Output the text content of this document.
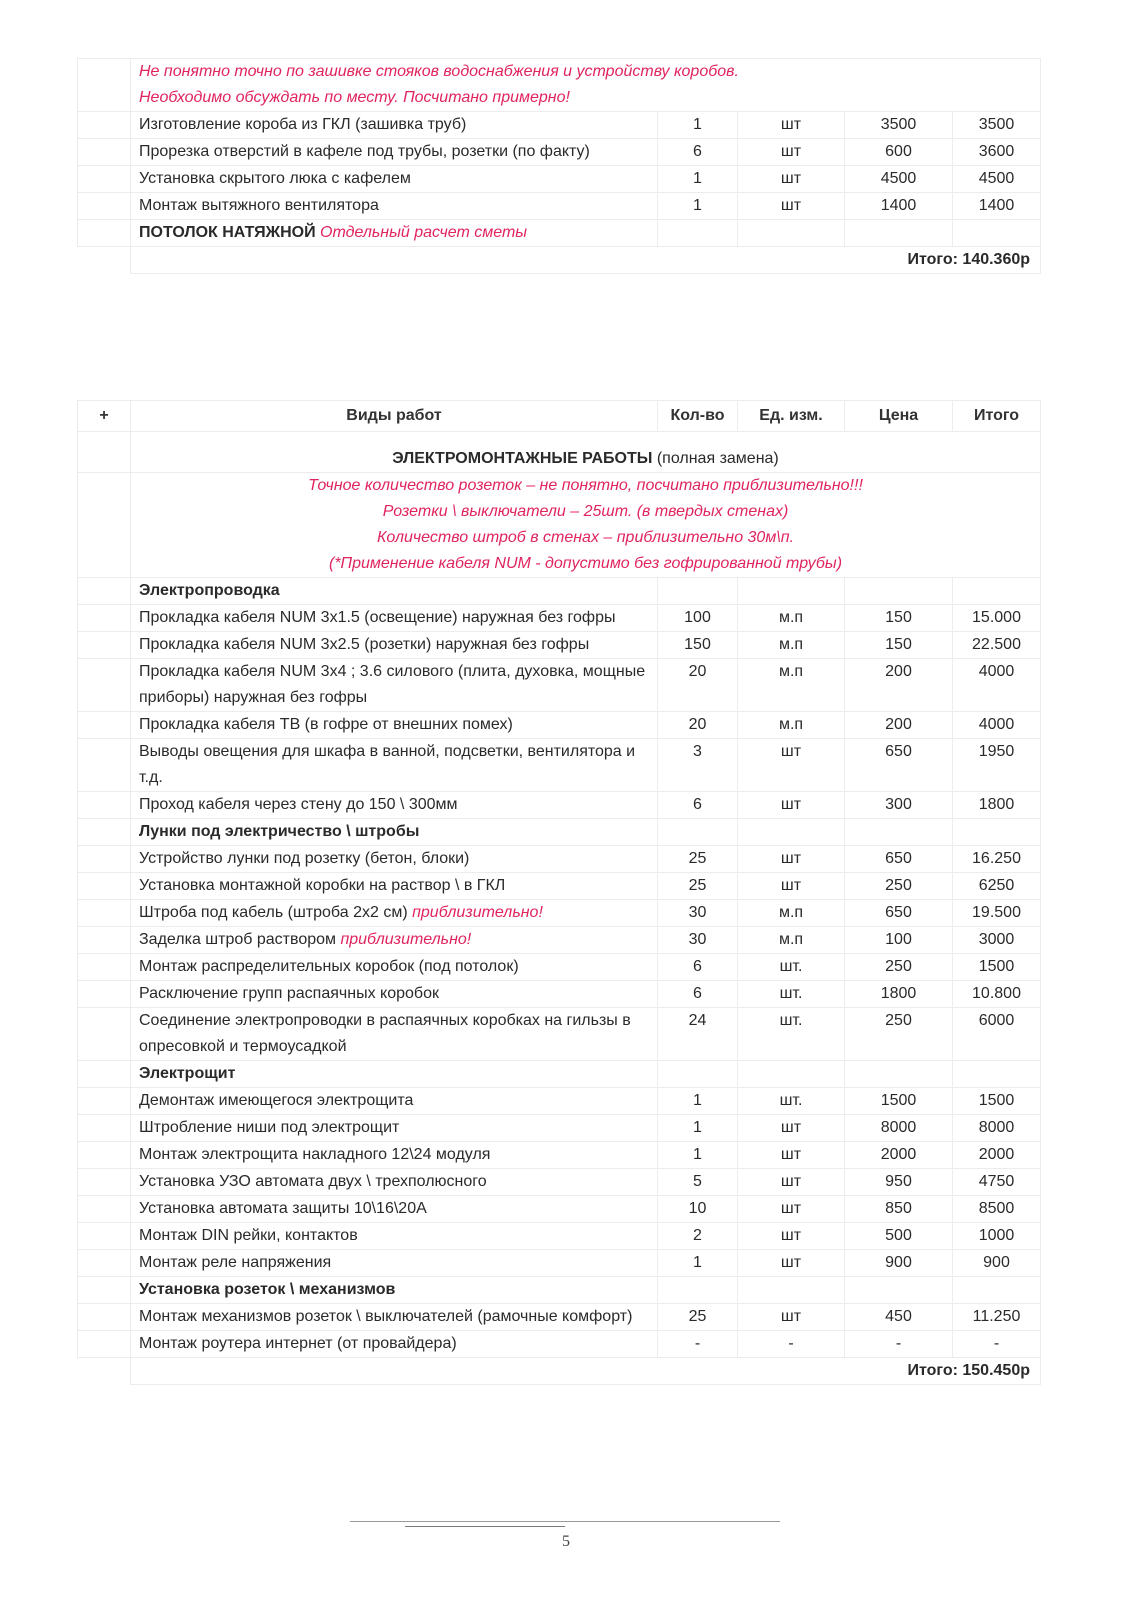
	Не понятно точно по зашивке стояков водоснабжения и устройству коробов.
Необходимо обсуждать по месту. Посчитано примерно!				

	Изготовление короба из ГКЛ (зашивка труб)	1	шт	3500	3500
	Прорезка отверстий в кафеле под трубы, розетки (по факту)	6	шт	600	3600
	Установка скрытого люка с кафелем	1	шт	4500	4500
	Монтаж вытяжного вентилятора	1	шт	1400	1400
	ПОТОЛОК НАТЯЖНОЙ Отдельный расчет сметы				
	Итого: 140.360р				
+	Виды работ	Кол-во	Ед. изм.	Цена	Итого
	ЭЛЕКТРОМОНТАЖНЫЕ РАБОТЫ (полная замена)				

	Точное количество розеток – не понятно, посчитано приблизительно!!!
Розетки \ выключатели – 25шт. (в твердых стенах)
Количество штроб в стенах – приблизительно 30м\п.
(*Применение кабеля NUM - допустимо без гофрированной трубы)				

	Электропроводка				
	Прокладка кабеля NUM 3х1.5 (освещение) наружная без гофры	100	м.п	150	15.000
	Прокладка кабеля NUM 3х2.5 (розетки) наружная без гофры	150	м.п	150	22.500
	Прокладка кабеля NUM 3х4 ; 3.6 силового (плита, духовка, мощные приборы) наружная без гофры	20	м.п	200	4000
	Прокладка кабеля ТВ (в гофре от внешних помех)	20	м.п	200	4000
	Выводы овещения для шкафа в ванной, подсветки, вентилятора и т.д.	3	шт	650	1950
	Проход кабеля через стену до 150 \ 300мм	6	шт	300	1800
	Лунки под электричество \ штробы				
	Устройство лунки под розетку (бетон, блоки)	25	шт	650	16.250
	Установка монтажной коробки на раствор \ в ГКЛ	25	шт	250	6250
	Штроба под кабель (штроба 2х2 см) приблизительно!	30	м.п	650	19.500
	Заделка штроб раствором приблизительно!	30	м.п	100	3000
	Монтаж распределительных коробок (под потолок)	6	шт.	250	1500
	Расключение групп распаячных коробок	6	шт.	1800	10.800
	Соединение электропроводки в распаячных коробках на гильзы в опресовкой и термоусадкой	24	шт.	250	6000
	Электрощит				
	Демонтаж имеющегося электрощита	1	шт.	1500	1500
	Штробление ниши под электрощит	1	шт	8000	8000
	Монтаж электрощита накладного 12\24 модуля	1	шт	2000	2000
	Установка УЗО автомата двух \ трехполюсного	5	шт	950	4750
	Установка автомата защиты 10\16\20А	10	шт	850	8500
	Монтаж DIN рейки, контактов	2	шт	500	1000
	Монтаж реле напряжения	1	шт	900	900
	Установка розеток \ механизмов				
	Монтаж механизмов розеток \ выключателей (рамочные комфорт)	25	шт	450	11.250
	Монтаж роутера интернет (от провайдера)	-	-	-	-
	Итого: 150.450р				
5
